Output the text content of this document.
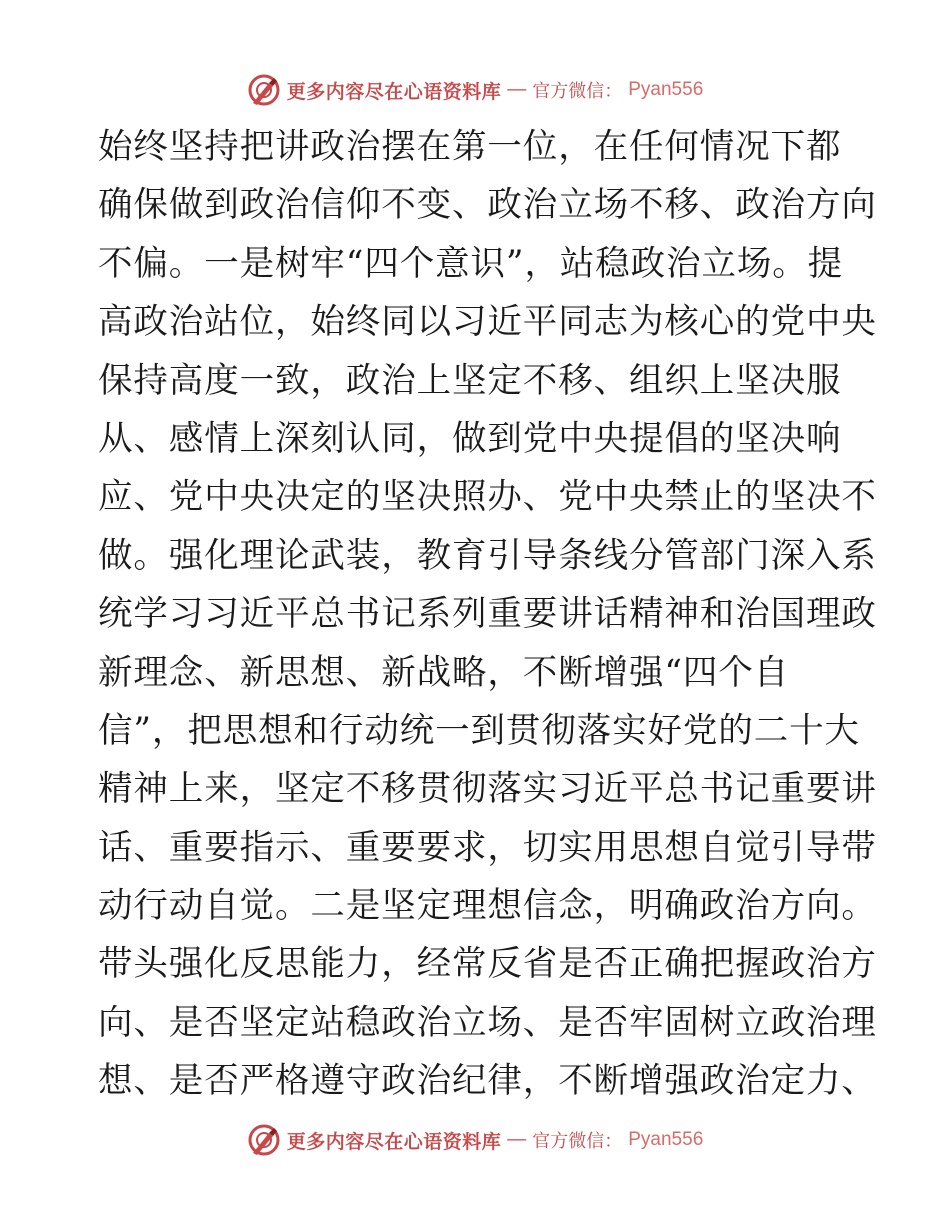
更多内容尽在心语资料库 — 官方微信： Pyan556
始终坚持把讲政治摆在第一位，在任何情况下都
确保做到政治信仰不变、政治立场不移、政治方向
不偏。一是树牢“四个意识”，站稳政治立场。提
高政治站位，始终同以习近平同志为核心的党中央
保持高度一致，政治上坚定不移、组织上坚决服
从、感情上深刻认同，做到党中央提倡的坚决响
应、党中央决定的坚决照办、党中央禁止的坚决不
做。强化理论武装，教育引导条线分管部门深入系
统学习习近平总书记系列重要讲话精神和治国理政
新理念、新思想、新战略，不断增强“四个自
信”，把思想和行动统一到贯彻落实好党的二十大
精神上来，坚定不移贯彻落实习近平总书记重要讲
话、重要指示、重要要求，切实用思想自觉引导带
动行动自觉。二是坚定理想信念，明确政治方向。
带头强化反思能力，经常反省是否正确把握政治方
向、是否坚定站稳政治立场、是否牢固树立政治理
想、是否严格遵守政治纪律，不断增强政治定力、
更多内容尽在心语资料库 — 官方微信： Pyan556
